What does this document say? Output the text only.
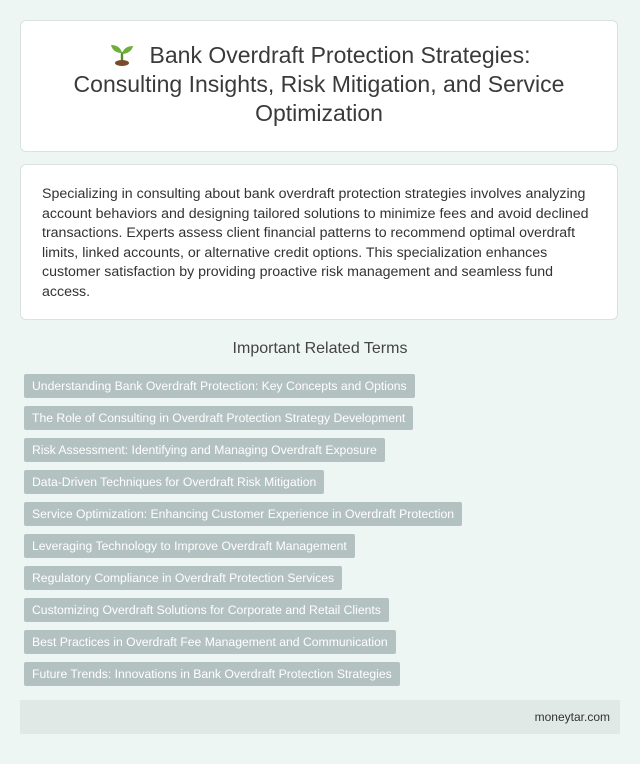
Bank Overdraft Protection Strategies: Consulting Insights, Risk Mitigation, and Service Optimization

Specializing in consulting about bank overdraft protection strategies involves analyzing account behaviors and designing tailored solutions to minimize fees and avoid declined transactions. Experts assess client financial patterns to recommend optimal overdraft limits, linked accounts, or alternative credit options. This specialization enhances customer satisfaction by providing proactive risk management and seamless fund access.

Important Related Terms
Understanding Bank Overdraft Protection: Key Concepts and Options
The Role of Consulting in Overdraft Protection Strategy Development
Risk Assessment: Identifying and Managing Overdraft Exposure
Data-Driven Techniques for Overdraft Risk Mitigation
Service Optimization: Enhancing Customer Experience in Overdraft Protection
Leveraging Technology to Improve Overdraft Management
Regulatory Compliance in Overdraft Protection Services
Customizing Overdraft Solutions for Corporate and Retail Clients
Best Practices in Overdraft Fee Management and Communication
Future Trends: Innovations in Bank Overdraft Protection Strategies
moneytar.com
